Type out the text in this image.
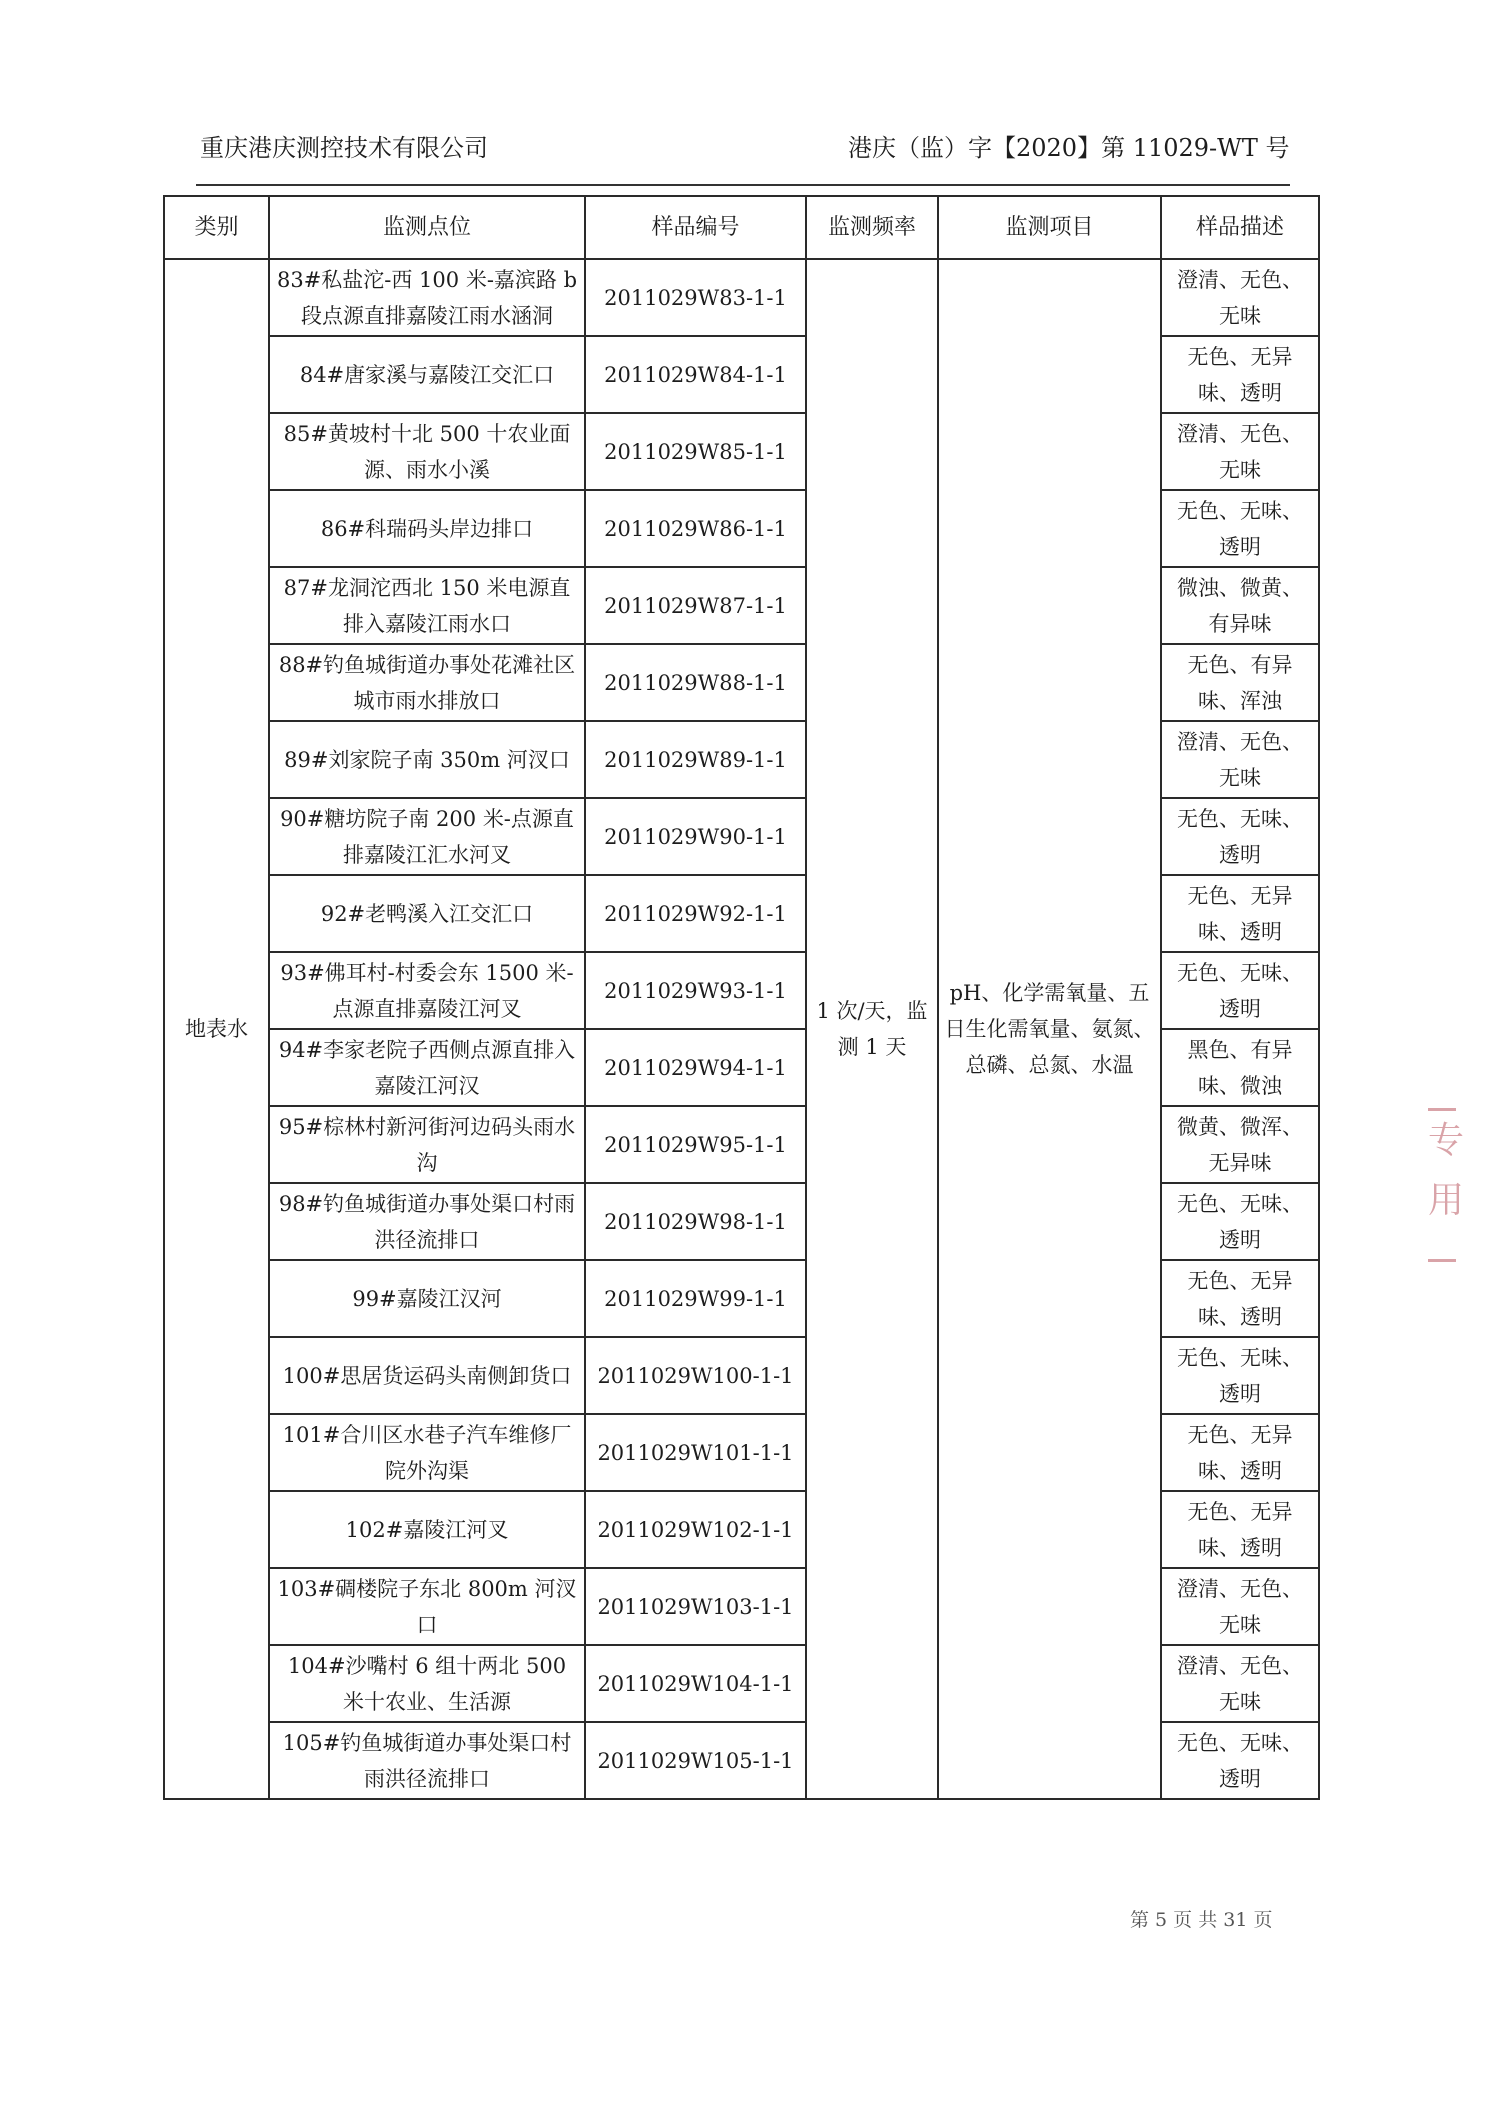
重庆港庆测控技术有限公司	港庆（监）字【2020】第 11029-WT 号
类别	监测点位	样品编号	监测频率	监测项目	样品描述
地表水	83#私盐沱-西 100 米-嘉滨路 b 段点源直排嘉陵江雨水涵洞	2011029W83-1-1	1 次/天，监测 1 天	pH、化学需氧量、五日生化需氧量、氨氮、总磷、总氮、水温	澄清、无色、无味
	84#唐家溪与嘉陵江交汇口	2011029W84-1-1			无色、无异味、透明
	85#黄坡村十北 500 十农业面源、雨水小溪	2011029W85-1-1			澄清、无色、无味
	86#科瑞码头岸边排口	2011029W86-1-1			无色、无味、透明
	87#龙洞沱西北 150 米电源直排入嘉陵江雨水口	2011029W87-1-1			微浊、微黄、有异味
	88#钓鱼城街道办事处花滩社区城市雨水排放口	2011029W88-1-1			无色、有异味、浑浊
	89#刘家院子南 350m 河汊口	2011029W89-1-1			澄清、无色、无味
	90#糖坊院子南 200 米-点源直排嘉陵江汇水河叉	2011029W90-1-1			无色、无味、透明
	92#老鸭溪入江交汇口	2011029W92-1-1			无色、无异味、透明
	93#佛耳村-村委会东 1500 米-点源直排嘉陵江河叉	2011029W93-1-1			无色、无味、透明
	94#李家老院子西侧点源直排入嘉陵江河汉	2011029W94-1-1			黑色、有异味、微浊
	95#棕林村新河街河边码头雨水沟	2011029W95-1-1			微黄、微浑、无异味
	98#钓鱼城街道办事处渠口村雨洪径流排口	2011029W98-1-1			无色、无味、透明
	99#嘉陵江汉河	2011029W99-1-1			无色、无异味、透明
	100#思居货运码头南侧卸货口	2011029W100-1-1			无色、无味、透明
	101#合川区水巷子汽车维修厂院外沟渠	2011029W101-1-1			无色、无异味、透明
	102#嘉陵江河叉	2011029W102-1-1			无色、无异味、透明
	103#碉楼院子东北 800m 河汊口	2011029W103-1-1			澄清、无色、无味
	104#沙嘴村 6 组十两北 500 米十农业、生活源	2011029W104-1-1			澄清、无色、无味
	105#钓鱼城街道办事处渠口村雨洪径流排口	2011029W105-1-1			无色、无味、透明
第 5 页 共 31 页
专
用
